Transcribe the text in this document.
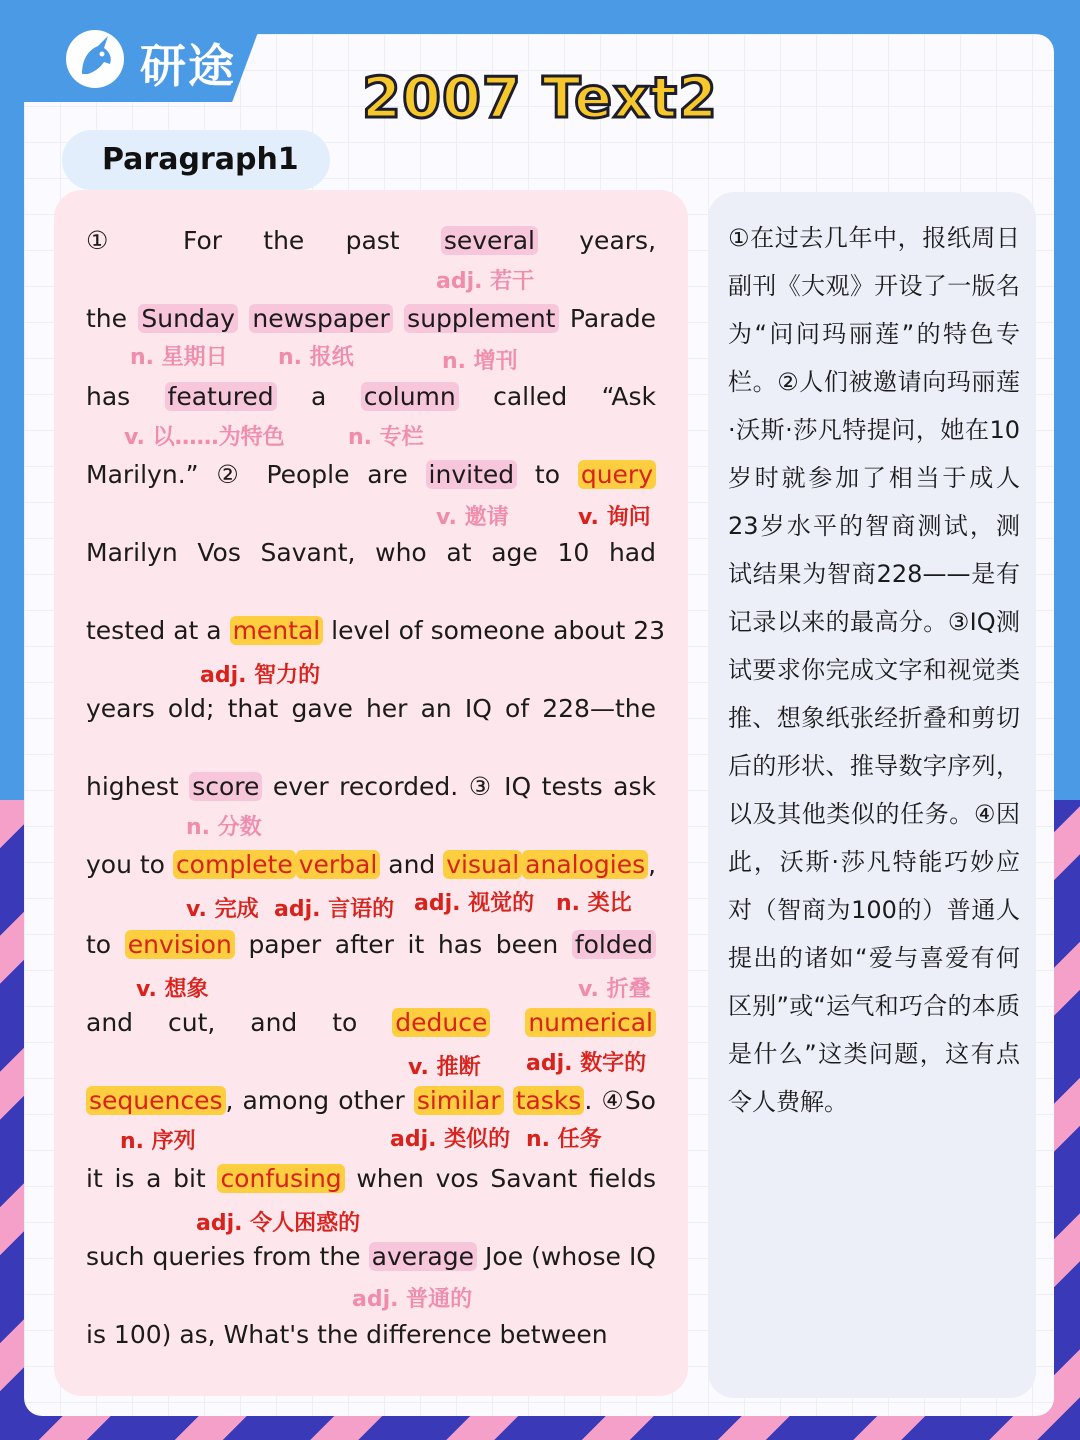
研途	2007 Text2
Paragraph1
① For the past several years,
adj. 若干
the Sunday newspaper supplement Parade
n. 星期日 n. 报纸	n. 增刊
has featured a column called “Ask
v. 以……为特色	n. 专栏
Marilyn.” ② People are invited to query
v. 邀请	v. 询问
Marilyn Vos Savant, who at age 10 had
tested at a mental level of someone about 23
adj. 智力的
years old; that gave her an IQ of 228—the
highest score ever recorded. ③ IQ tests ask
n. 分数
you to complete verbal and visual analogies ,
v. 完成 adj. 言语的 adj. 视觉的 n. 类比
to envision paper after it has been folded
v. 想象	v. 折叠
and cut, and to deduce numerical
v. 推断 adj. 数字的
sequences , among other similar tasks . ④So
n. 序列	adj. 类似的 n. 任务
it is a bit confusing when vos Savant fields
adj. 令人困惑的
such queries from the average Joe (whose IQ
adj. 普通的
is 100) as, What's the difference between
①在过去几年中，报纸周日副刊《大观》开设了一版名为“问问玛丽莲”的特色专栏。②人们被邀请向玛丽莲·沃斯·莎凡特提问，她在10岁时就参加了相当于成人23岁水平的智商测试，测试结果为智商228——是有记录以来的最高分。③IQ测试要求你完成文字和视觉类推、想象纸张经折叠和剪切后的形状、推导数字序列，以及其他类似的任务。④因此，沃斯·莎凡特能巧妙应对（智商为100的）普通人提出的诸如“爱与喜爱有何区别”或“运气和巧合的本质是什么”这类问题，这有点令人费解。
